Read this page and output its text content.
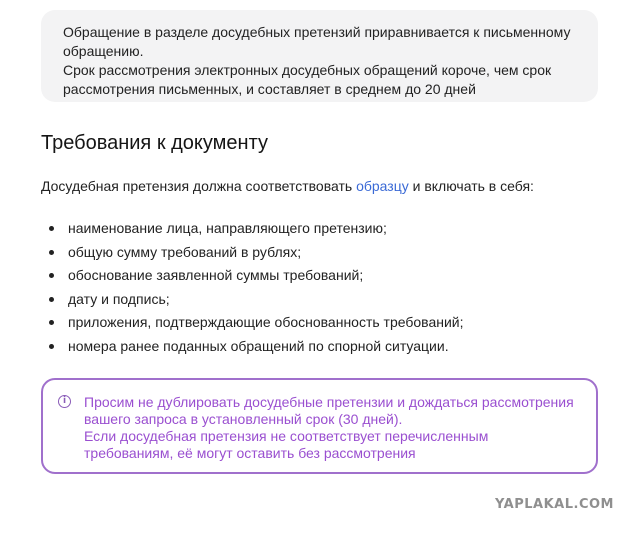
Обращение в разделе досудебных претензий приравнивается к письменному обращению.

Срок рассмотрения электронных досудебных обращений короче, чем срок рассмотрения письменных, и составляет в среднем до 20 дней

Требования к документу

Досудебная претензия должна соответствовать образцу и включать в себя:

наименование лица, направляющего претензию;
общую сумму требований в рублях;
обоснование заявленной суммы требований;
дату и подпись;
приложения, подтверждающие обоснованность требований;
номера ранее поданных обращений по спорной ситуации.
i	Просим не дублировать досудебные претензии и дождаться рассмотрения вашего запроса в установленный срок (30 дней).

Если досудебная претензия не соответствует перечисленным требованиям, её могут оставить без рассмотрения

YAPLAKAL.COM
